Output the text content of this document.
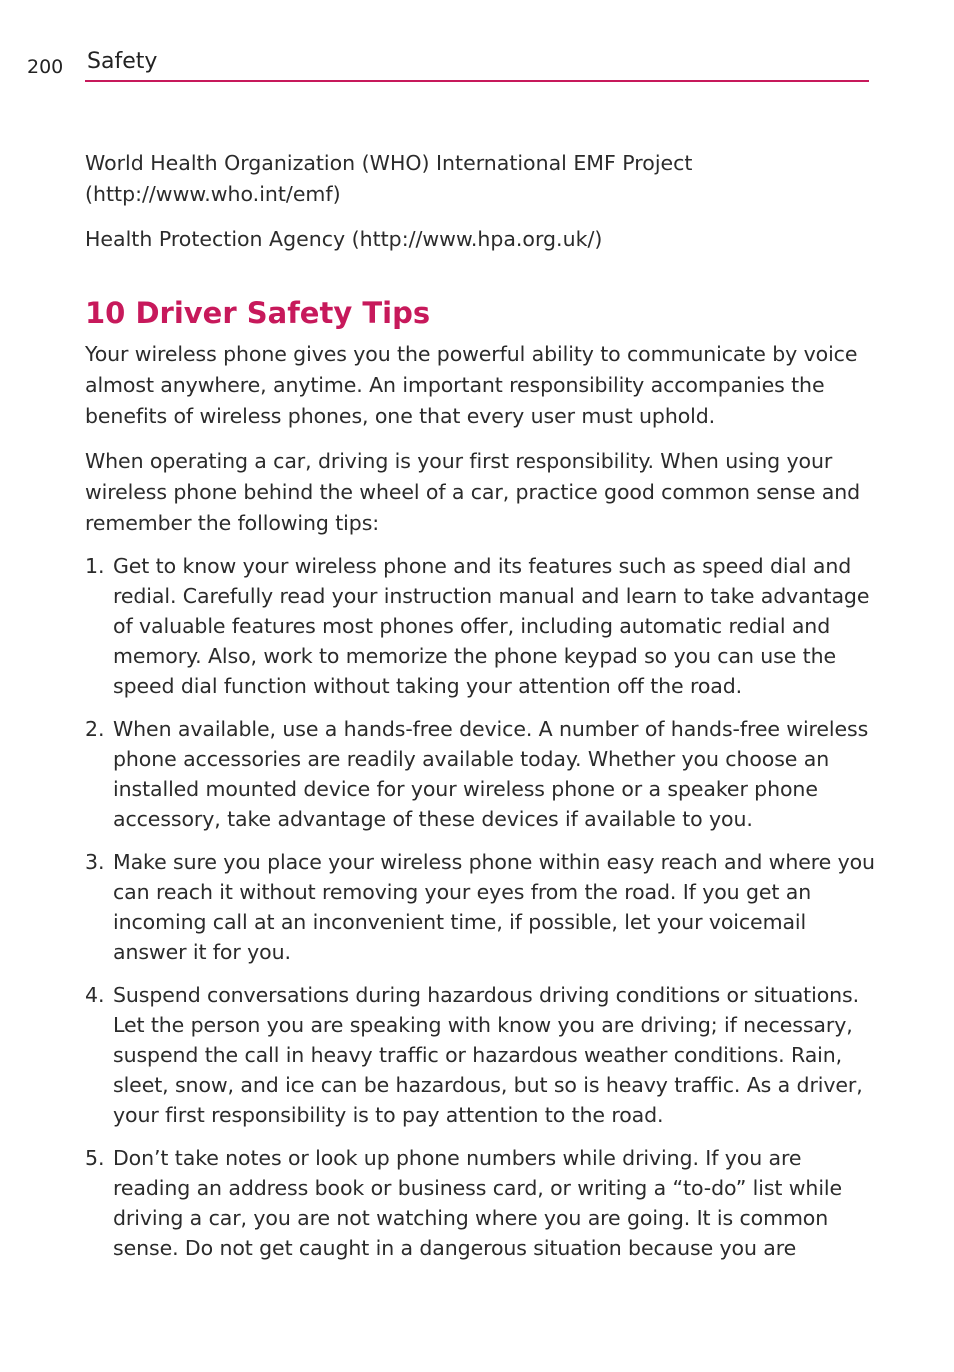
200 Safety

World Health Organization (WHO) International EMF Project (http://www.who.int/emf)

Health Protection Agency (http://www.hpa.org.uk/)

10 Driver Safety Tips

Your wireless phone gives you the powerful ability to communicate by voice almost anywhere, anytime. An important responsibility accompanies the benefits of wireless phones, one that every user must uphold.

When operating a car, driving is your first responsibility. When using your wireless phone behind the wheel of a car, practice good common sense and remember the following tips:

1. Get to know your wireless phone and its features such as speed dial and redial. Carefully read your instruction manual and learn to take advantage of valuable features most phones offer, including automatic redial and memory. Also, work to memorize the phone keypad so you can use the speed dial function without taking your attention off the road.
2. When available, use a hands-free device. A number of hands-free wireless phone accessories are readily available today. Whether you choose an installed mounted device for your wireless phone or a speaker phone accessory, take advantage of these devices if available to you.
3. Make sure you place your wireless phone within easy reach and where you can reach it without removing your eyes from the road. If you get an incoming call at an inconvenient time, if possible, let your voicemail answer it for you.
4. Suspend conversations during hazardous driving conditions or situations. Let the person you are speaking with know you are driving; if necessary, suspend the call in heavy traffic or hazardous weather conditions. Rain, sleet, snow, and ice can be hazardous, but so is heavy traffic. As a driver, your first responsibility is to pay attention to the road.
5. Don’t take notes or look up phone numbers while driving. If you are reading an address book or business card, or writing a “to-do” list while driving a car, you are not watching where you are going. It is common sense. Do not get caught in a dangerous situation because you are
